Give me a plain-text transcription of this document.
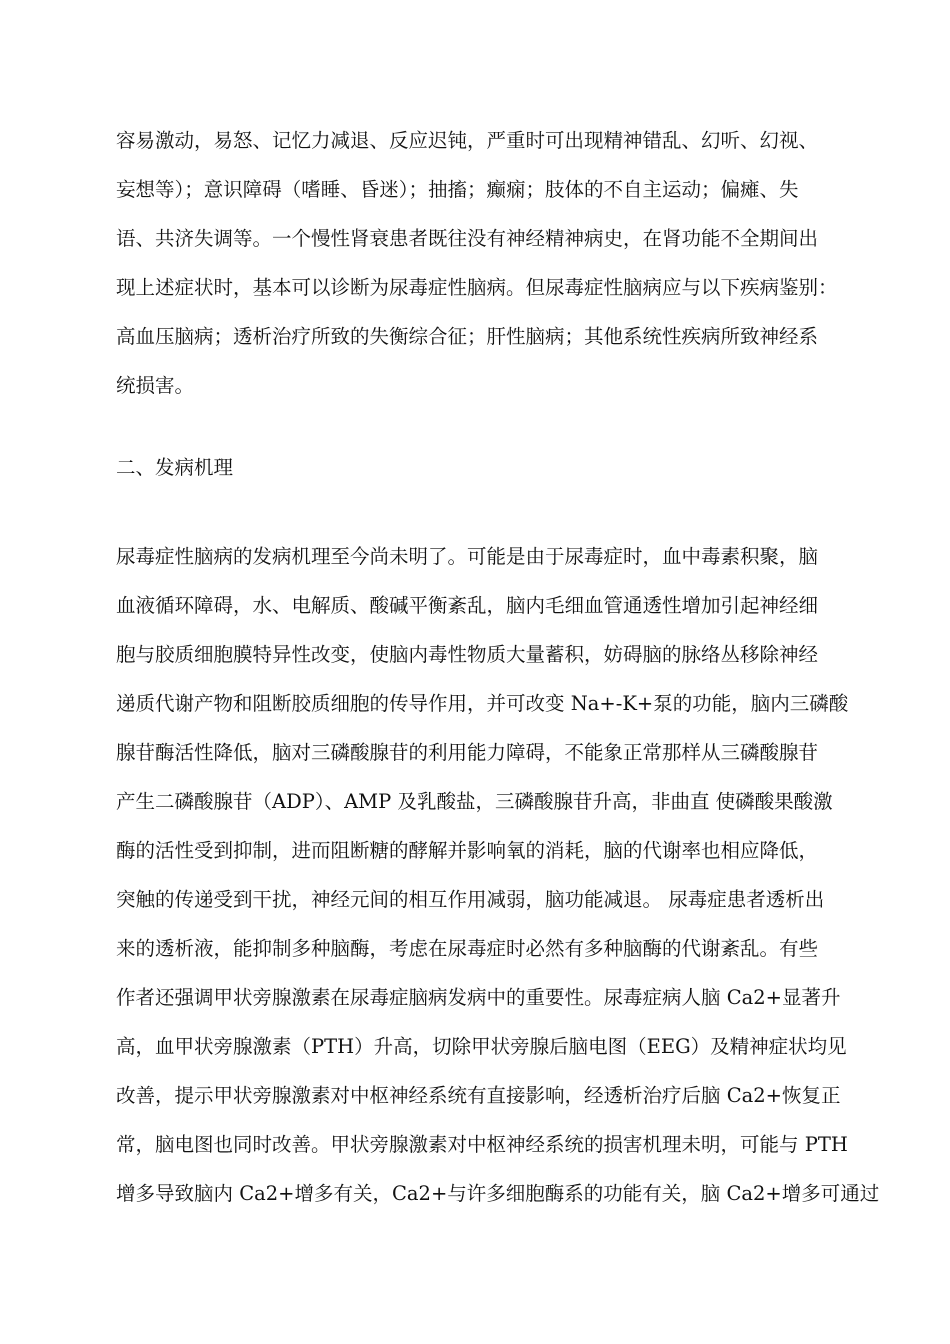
容易激动，易怒、记忆力减退、反应迟钝，严重时可出现精神错乱、幻听、幻视、
妄想等）；意识障碍（嗜睡、昏迷）；抽搐；癫痫；肢体的不自主运动；偏瘫、失
语、共济失调等。一个慢性肾衰患者既往没有神经精神病史，在肾功能不全期间出
现上述症状时，基本可以诊断为尿毒症性脑病。但尿毒症性脑病应与以下疾病鉴别：
高血压脑病；透析治疗所致的失衡综合征；肝性脑病；其他系统性疾病所致神经系
统损害。
二、发病机理
尿毒症性脑病的发病机理至今尚未明了。可能是由于尿毒症时，血中毒素积聚，脑
血液循环障碍，水、电解质、酸碱平衡紊乱，脑内毛细血管通透性增加引起神经细
胞与胶质细胞膜特异性改变，使脑内毒性物质大量蓄积，妨碍脑的脉络丛移除神经
递质代谢产物和阻断胶质细胞的传导作用，并可改变 Na+-K+泵的功能，脑内三磷酸
腺苷酶活性降低，脑对三磷酸腺苷的利用能力障碍，不能象正常那样从三磷酸腺苷
产生二磷酸腺苷（ADP）、AMP 及乳酸盐，三磷酸腺苷升高，非曲直 使磷酸果酸激
酶的活性受到抑制，进而阻断糖的酵解并影响氧的消耗，脑的代谢率也相应降低，
突触的传递受到干扰，神经元间的相互作用减弱，脑功能减退。 尿毒症患者透析出
来的透析液，能抑制多种脑酶，考虑在尿毒症时必然有多种脑酶的代谢紊乱。有些
作者还强调甲状旁腺激素在尿毒症脑病发病中的重要性。尿毒症病人脑 Ca2+显著升
高，血甲状旁腺激素（PTH）升高，切除甲状旁腺后脑电图（EEG）及精神症状均见
改善，提示甲状旁腺激素对中枢神经系统有直接影响，经透析治疗后脑 Ca2+恢复正
常，脑电图也同时改善。甲状旁腺激素对中枢神经系统的损害机理未明，可能与 PTH
增多导致脑内 Ca2+增多有关，Ca2+与许多细胞酶系的功能有关，脑 Ca2+增多可通过
